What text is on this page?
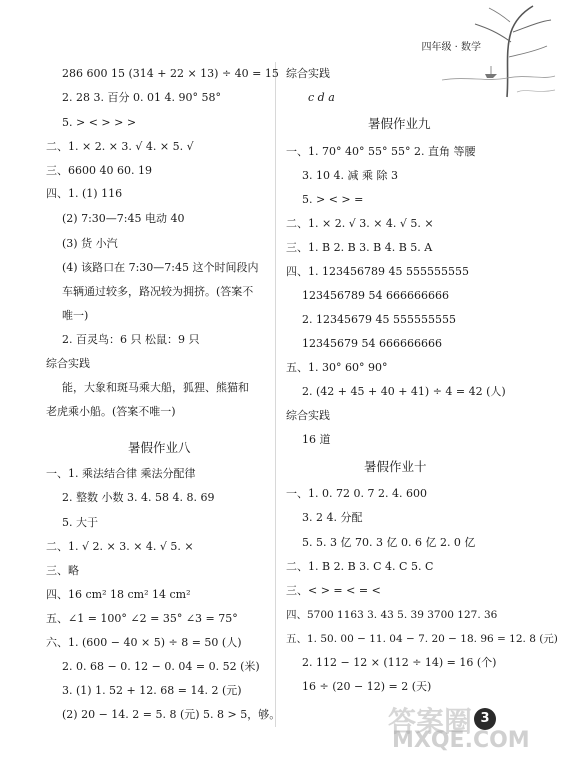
四年级 · 数学
286 600 15 (314 + 22 × 13) ÷ 40 = 15
2. 28 3. 百分 0. 01 4. 90° 58°
5. > < > > >
二、1. × 2. × 3. √ 4. × 5. √
三、6600 40 60. 19
四、1. (1) 116
(2) 7:30—7:45 电动 40
(3) 货 小汽
(4) 该路口在 7:30—7:45 这个时间段内
车辆通过较多，路况较为拥挤。(答案不
唯一)
2. 百灵鸟：6 只 松鼠：9 只
综合实践
能，大象和斑马乘大船，狐狸、熊猫和
老虎乘小船。(答案不唯一)
暑假作业八
一、1. 乘法结合律 乘法分配律
2. 整数 小数 3. 4. 58 4. 8. 69
5. 大于
二、1. √ 2. × 3. × 4. √ 5. ×
三、略
四、16 cm² 18 cm² 14 cm²
五、∠1 = 100° ∠2 = 35° ∠3 = 75°
六、1. (600 − 40 × 5) ÷ 8 = 50 (人)
2. 0. 68 − 0. 12 − 0. 04 = 0. 52 (米)
3. (1) 1. 52 + 12. 68 = 14. 2 (元)
(2) 20 − 14. 2 = 5. 8 (元) 5. 8 > 5，够。
综合实践
c d a
暑假作业九
一、1. 70° 40° 55° 55° 2. 直角 等腰
3. 10 4. 减 乘 除 3
5. > < > =
二、1. × 2. √ 3. × 4. √ 5. ×
三、1. B 2. B 3. B 4. B 5. A
四、1. 123456789 45 555555555
123456789 54 666666666
2. 12345679 45 555555555
12345679 54 666666666
五、1. 30° 60° 90°
2. (42 + 45 + 40 + 41) ÷ 4 = 42 (人)
综合实践
16 道
暑假作业十
一、1. 0. 72 0. 7 2. 4. 600
3. 2 4. 分配
5. 5. 3 亿 70. 3 亿 0. 6 亿 2. 0 亿
二、1. B 2. B 3. C 4. C 5. C
三、< > = < = <
四、5700 1163 3. 43 5. 39 3700 127. 36
五、1. 50. 00 − 11. 04 − 7. 20 − 18. 96 = 12. 8 (元)
2. 112 − 12 × (112 ÷ 14) = 16 (个)
16 ÷ (20 − 12) = 2 (天)
3
答案圈
MXQE.COM
